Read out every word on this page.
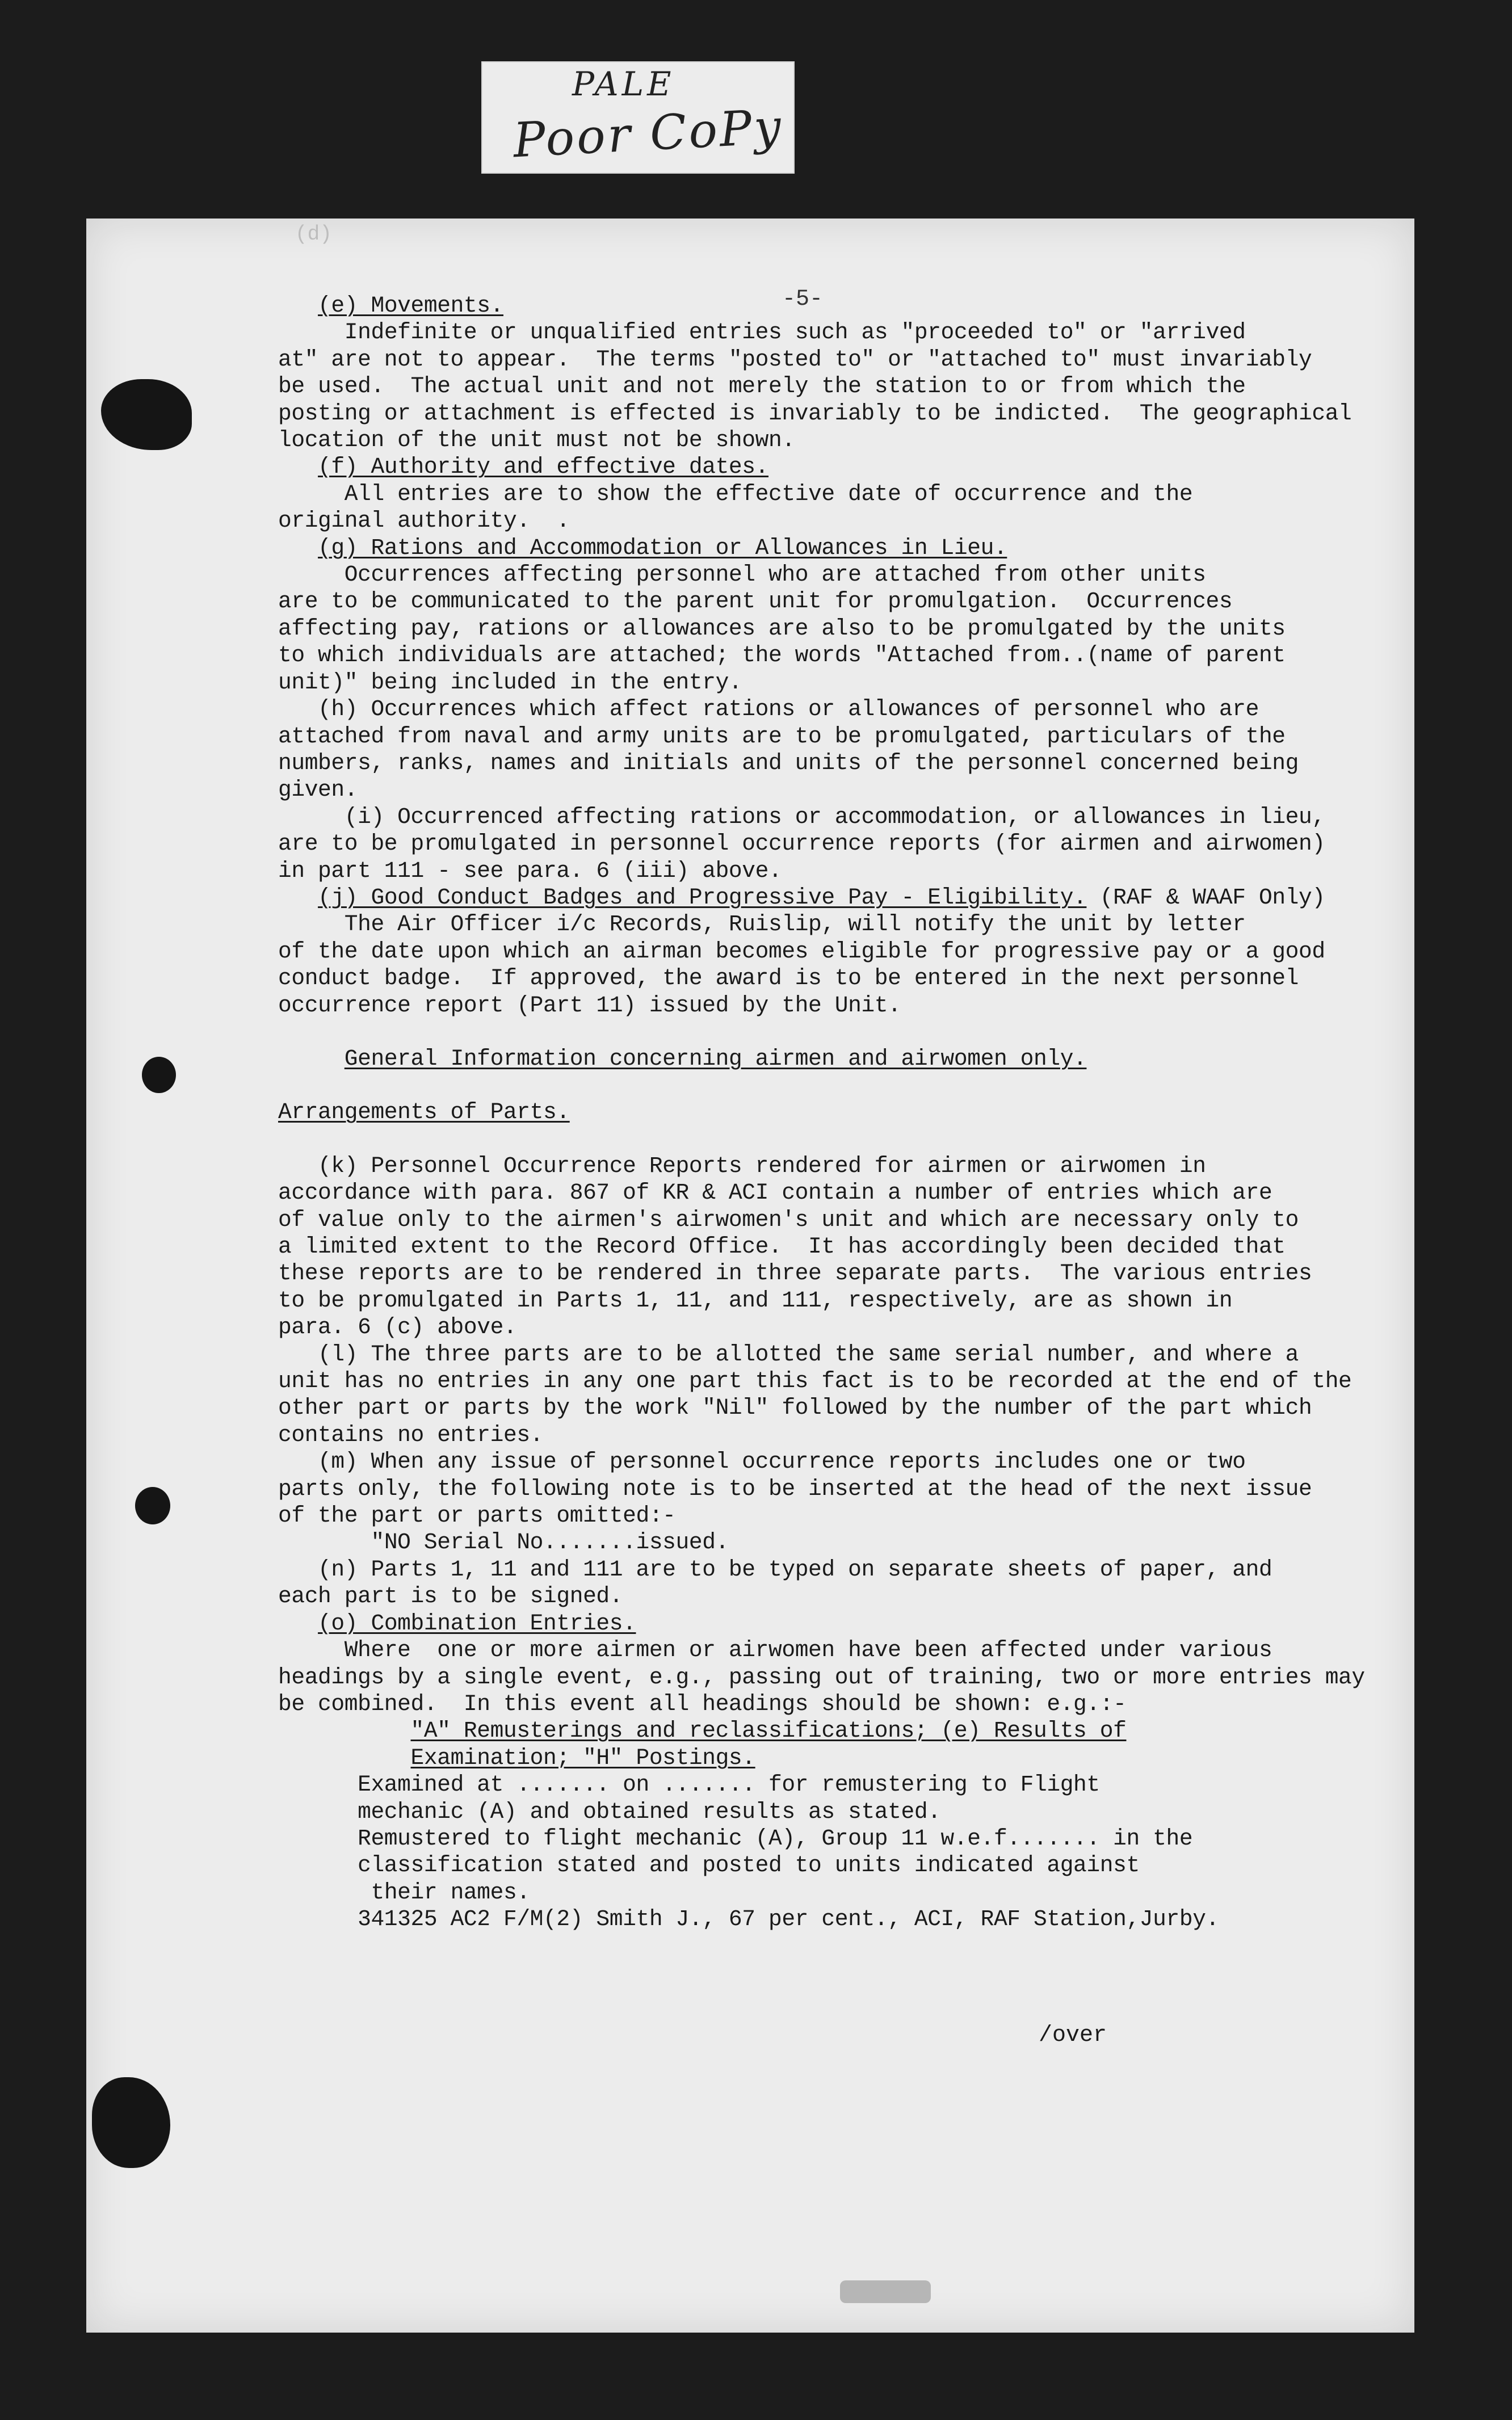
PALE
Poor CoPy
(d)
-5-
(e) Movements.
Indefinite or unqualified entries such as "proceeded to" or "arrived
at" are not to appear.  The terms "posted to" or "attached to" must invariably
be used.  The actual unit and not merely the station to or from which the
posting or attachment is effected is invariably to be indicted.  The geographical
location of the unit must not be shown.
(f) Authority and effective dates.
All entries are to show the effective date of occurrence and the
original authority.  .
(g) Rations and Accommodation or Allowances in Lieu.
Occurrences affecting personnel who are attached from other units
are to be communicated to the parent unit for promulgation.  Occurrences
affecting pay, rations or allowances are also to be promulgated by the units
to which individuals are attached; the words "Attached from..(name of parent
unit)" being included in the entry.
(h) Occurrences which affect rations or allowances of personnel who are
attached from naval and army units are to be promulgated, particulars of the
numbers, ranks, names and initials and units of the personnel concerned being
given.
(i) Occurrenced affecting rations or accommodation, or allowances in lieu,
are to be promulgated in personnel occurrence reports (for airmen and airwomen)
in part 111 - see para. 6 (iii) above.
(j) Good Conduct Badges and Progressive Pay - Eligibility. (RAF & WAAF Only)
The Air Officer i/c Records, Ruislip, will notify the unit by letter
of the date upon which an airman becomes eligible for progressive pay or a good
conduct badge.  If approved, the award is to be entered in the next personnel
occurrence report (Part 11) issued by the Unit.
General Information concerning airmen and airwomen only.
Arrangements of Parts.
(k) Personnel Occurrence Reports rendered for airmen or airwomen in
accordance with para. 867 of KR & ACI contain a number of entries which are
of value only to the airmen's airwomen's unit and which are necessary only to
a limited extent to the Record Office.  It has accordingly been decided that
these reports are to be rendered in three separate parts.  The various entries
to be promulgated in Parts 1, 11, and 111, respectively, are as shown in
para. 6 (c) above.
(l) The three parts are to be allotted the same serial number, and where a
unit has no entries in any one part this fact is to be recorded at the end of the
other part or parts by the work "Nil" followed by the number of the part which
contains no entries.
(m) When any issue of personnel occurrence reports includes one or two
parts only, the following note is to be inserted at the head of the next issue
of the part or parts omitted:-
"NO Serial No.......issued.
(n) Parts 1, 11 and 111 are to be typed on separate sheets of paper, and
each part is to be signed.
(o) Combination Entries.
Where  one or more airmen or airwomen have been affected under various
headings by a single event, e.g., passing out of training, two or more entries may
be combined.  In this event all headings should be shown: e.g.:-
"A" Remusterings and reclassifications; (e) Results of
Examination; "H" Postings.
Examined at ....... on ....... for remustering to Flight
mechanic (A) and obtained results as stated.
Remustered to flight mechanic (A), Group 11 w.e.f....... in the
classification stated and posted to units indicated against
their names.
341325 AC2 F/M(2) Smith J., 67 per cent., ACI, RAF Station,Jurby.
/over
